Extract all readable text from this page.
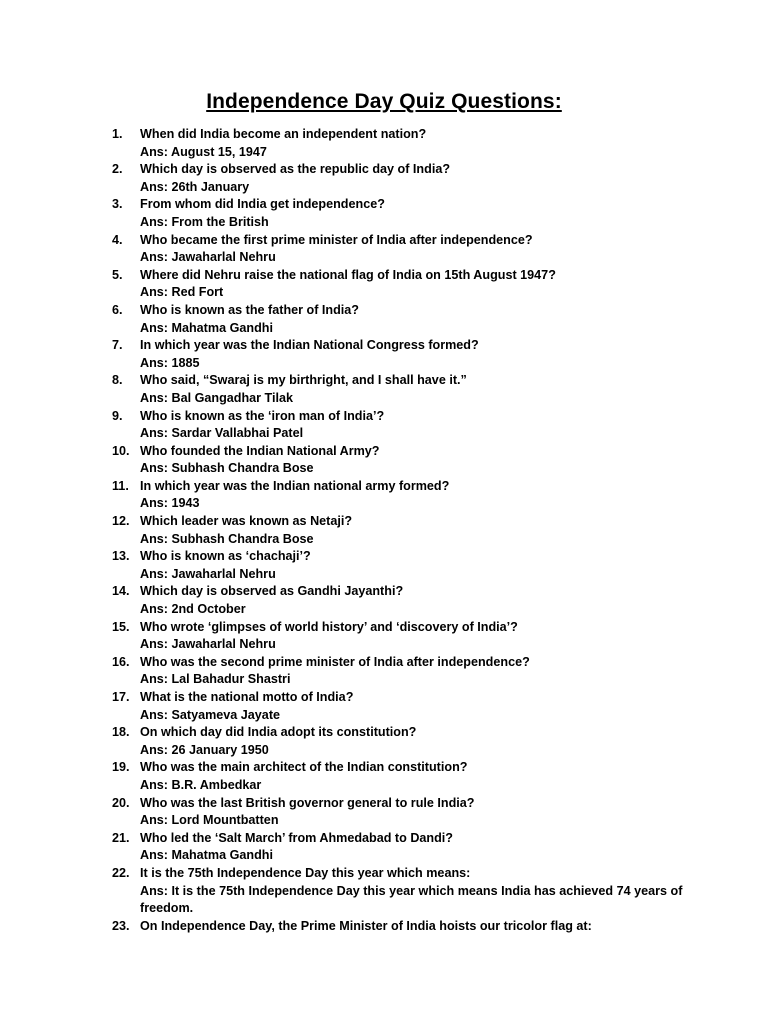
Independence Day Quiz Questions:
1.	When did India become an independent nation?
Ans: August 15, 1947
2.	Which day is observed as the republic day of India?
Ans: 26th January
3.	From whom did India get independence?
Ans: From the British
4.	Who became the first prime minister of India after independence?
Ans: Jawaharlal Nehru
5.	Where did Nehru raise the national flag of India on 15th August 1947?
Ans: Red Fort
6.	Who is known as the father of India?
Ans: Mahatma Gandhi
7.	In which year was the Indian National Congress formed?
Ans: 1885
8.	Who said, “Swaraj is my birthright, and I shall have it.”
Ans: Bal Gangadhar Tilak
9.	Who is known as the ‘iron man of India’?
Ans: Sardar Vallabhai Patel
10. Who founded the Indian National Army?
Ans: Subhash Chandra Bose
11. In which year was the Indian national army formed?
Ans: 1943
12. Which leader was known as Netaji?
Ans: Subhash Chandra Bose
13. Who is known as ‘chachaji’?
Ans: Jawaharlal Nehru
14. Which day is observed as Gandhi Jayanthi?
Ans: 2nd October
15. Who wrote ‘glimpses of world history’ and ‘discovery of India’?
Ans: Jawaharlal Nehru
16. Who was the second prime minister of India after independence?
Ans: Lal Bahadur Shastri
17. What is the national motto of India?
Ans: Satyameva Jayate
18. On which day did India adopt its constitution?
Ans: 26 January 1950
19. Who was the main architect of the Indian constitution?
Ans: B.R. Ambedkar
20. Who was the last British governor general to rule India?
Ans: Lord Mountbatten
21. Who led the ‘Salt March’ from Ahmedabad to Dandi?
Ans: Mahatma Gandhi
22. It is the 75th Independence Day this year which means:
Ans: It is the 75th Independence Day this year which means India has achieved 74 years of freedom.
23. On Independence Day, the Prime Minister of India hoists our tricolor flag at:
